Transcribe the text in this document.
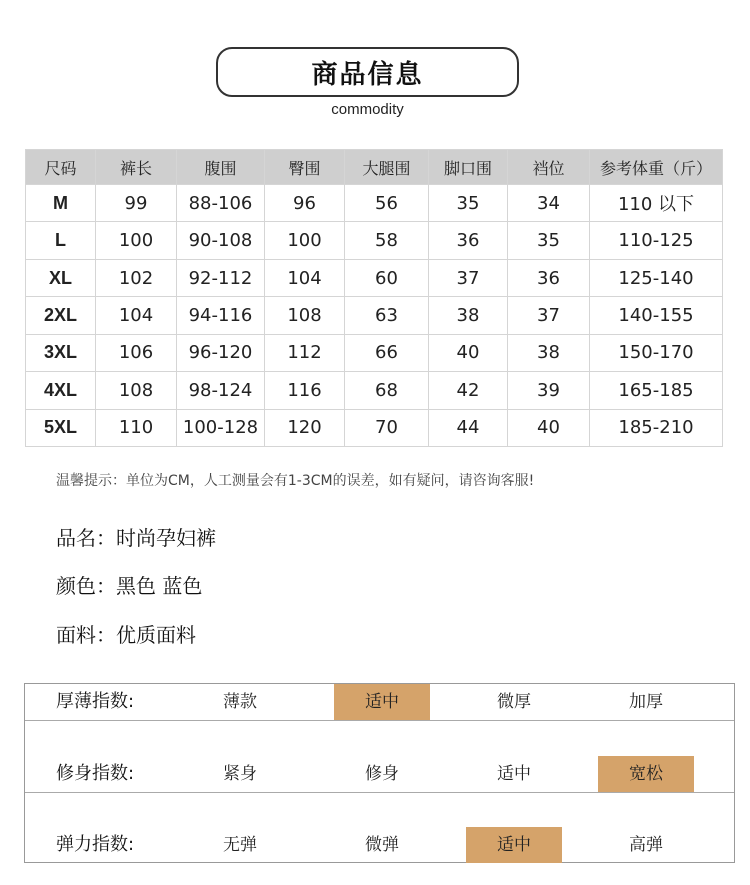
商品信息
commodity
尺码	裤长	腹围	臀围	大腿围	脚口围	裆位	参考体重（斤）
M	99	88-106	96	56	35	34	110 以下
L	100	90-108	100	58	36	35	110-125
XL	102	92-112	104	60	37	36	125-140
2XL	104	94-116	108	63	38	37	140-155
3XL	106	96-120	112	66	40	38	150-170
4XL	108	98-124	116	68	42	39	165-185
5XL	110	100-128	120	70	44	40	185-210
温馨提示：单位为CM，人工测量会有1-3CM的误差，如有疑问，请咨询客服!
品名：时尚孕妇裤
颜色：黑色 蓝色
面料：优质面料
厚薄指数:	薄款	适中	微厚	加厚
修身指数:	紧身	修身	适中	宽松
弹力指数:	无弹	微弹	适中	高弹
